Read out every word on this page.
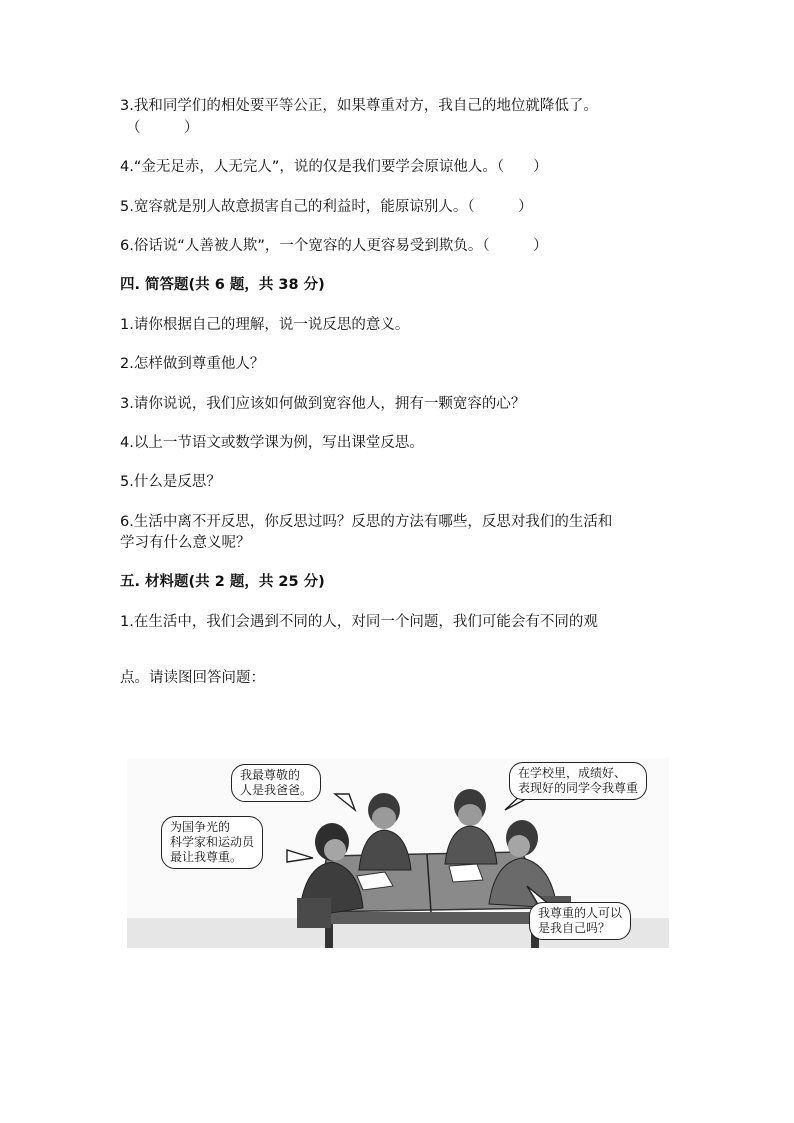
3.我和同学们的相处要平等公正，如果尊重对方，我自己的地位就降低了。
（　　　）
4.“金无足赤，人无完人”，说的仅是我们要学会原谅他人。（　　）
5.宽容就是别人故意损害自己的利益时，能原谅别人。（　　　）
6.俗话说“人善被人欺”，一个宽容的人更容易受到欺负。（　　　）
四. 简答题(共 6 题，共 38 分)
1.请你根据自己的理解，说一说反思的意义。
2.怎样做到尊重他人？
3.请你说说，我们应该如何做到宽容他人，拥有一颗宽容的心？
4.以上一节语文或数学课为例，写出课堂反思。
5.什么是反思？
6.生活中离不开反思，你反思过吗？反思的方法有哪些，反思对我们的生活和
学习有什么意义呢？
五. 材料题(共 2 题，共 25 分)
1.在生活中，我们会遇到不同的人，对同一个问题，我们可能会有不同的观
点。请读图回答问题：
我最尊敬的
人是我爸爸。
在学校里，成绩好、
表现好的同学令我尊重
为国争光的
科学家和运动员
最让我尊重。
我尊重的人可以
是我自己吗？
